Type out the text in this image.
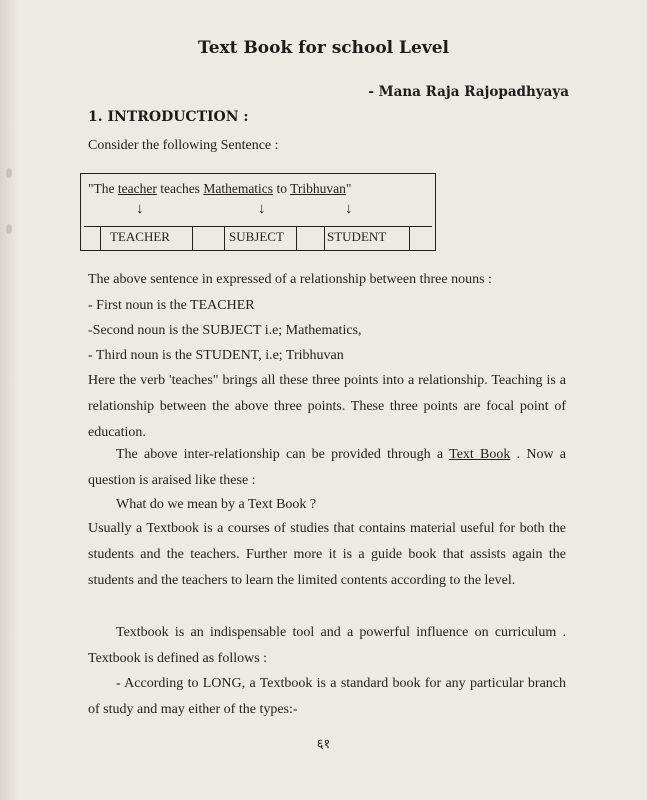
Text Book for school Level
- Mana Raja Rajopadhyaya
1. INTRODUCTION :
Consider the following Sentence :
"The teacher teaches Mathematics to Tribhuvan"
↓	↓	↓
TEACHER	SUBJECT	STUDENT
The above sentence in expressed of a relationship between three nouns :
- First noun is the TEACHER
-Second noun is the SUBJECT i.e; Mathematics,
- Third noun is the STUDENT, i.e; Tribhuvan
Here the verb 'teaches" brings all these three points into a relationship. Teaching is a relationship between the above three points. These three points are focal point of education.
The above inter-relationship can be provided through a Text Book . Now a question is araised like these :
What do we mean by a Text Book ?
Usually a Textbook is a courses of studies that contains material useful for both the students and the teachers. Further more it is a guide book that assists again the students and the teachers to learn the limited contents according to the level.
Textbook is an indispensable tool and a powerful influence on curriculum . Textbook is defined as follows :
- According to LONG, a Textbook is a standard book for any particular branch of study and may either of the types:-
६१
